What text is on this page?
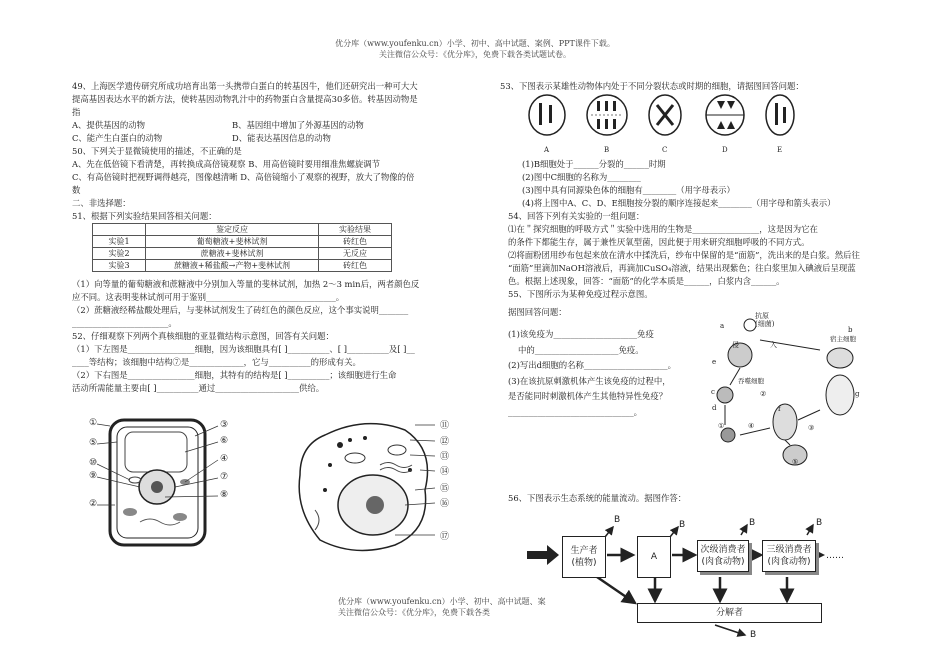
优分库（www.youfenku.cn）小学、初中、高中试题、案例、PPT课件下载。
关注微信公众号：《优分库》，免费下载各类试题试卷。

49、上海医学遗传研究所成功培育出第一头携带白蛋白的转基因牛，他们还研究出一种可大大

提高基因表达水平的新方法，使转基因动物乳汁中的药物蛋白含量提高30多倍。转基因动物是

指

A、提供基因的动物	B、基因组中增加了外源基因的动物

C、能产生白蛋白的动物	D、能表达基因信息的动物

50、下列关于显微镜使用的描述，不正确的是

A、先在低倍镜下看清楚，再转换成高倍镜观察 B、用高倍镜时要用细准焦螺旋调节

C、有高倍镜时把视野调得越亮，图像越清晰 D、高倍镜缩小了观察的视野，放大了物像的倍

数

二、非选择题：

51、根据下列实验结果回答相关问题：

	鉴定反应	实验结果
实验1	葡萄糖液+斐林试剂	砖红色
实验2	蔗糖液+斐林试剂	无反应
实验3	蔗糖液+稀盐酸→产物+斐林试剂	砖红色

（1）向等量的葡萄糖液和蔗糖液中分别加入等量的斐林试剂，加热 2～3 min后，两者颜色反

应不同。这表明斐林试剂可用于鉴别_______________________________。

（2）蔗糖液经稀盐酸处理后，与斐林试剂发生了砖红色的颜色反应，这个事实说明_______

_______________________。

52、仔细观察下列两个真核细胞的亚显微结构示意图，回答有关问题：

（1）下左图是________________细胞，因为该细胞具有[ ]__________、[ ]__________及[ ]__

____等结构；该细胞中结构⑦是_____________，它与__________的形成有关。

（2）下右图是________________细胞，其特有的结构是[ ]__________；该细胞进行生命

活动所需能量主要由[ ]__________通过____________________供给。

①
⑤
⑩
⑨
②
③
⑥
④
⑦
⑧
⑪
⑫
⑬
⑭
⑮
⑯
⑰

53、下图表示某雄性动物体内处于不同分裂状态或时期的细胞，请据图回答问题：

A	B	C	D	E

(1)B细胞处于______分裂的______时期

(2)图中C细胞的名称为________

(3)图中具有同源染色体的细胞有________（用字母表示）

(4)将上图中A、C、D、E细胞按分裂的顺序连接起来________（用字母和箭头表示）

54、回答下列有关实验的一组问题：

⑴在＂探究细胞的呼吸方式＂实验中选用的生物是________________，这是因为它在

的条件下都能生存，属于兼性厌氧型菌，因此便于用来研究细胞呼吸的不同方式。

⑵将面粉团用纱布包起来放在清水中揉洗后，纱布中保留的是“面筋”，洗出来的是白浆。然后往

“面筋”里滴加NaOH溶液后，再滴加CuSO₄溶液，结果出现紫色；往白浆里加入碘液后呈现蓝

色。根据上述现象，回答：“面筋”的化学本质是______，白浆内含______。

55、下图所示为某种免疫过程示意图。

据图回答问题：

(1)该免疫为____________________免疫

中的____________________免疫。

(2)写出d细胞的名称____________________。

(3)在该抗原刺激机体产生该免疫的过程中，

是否能同时刺激机体产生其他特异性免疫？

______________________________。

抗原
(细菌)
宿主细胞
侵	入
b
a
吞噬细胞
c
d
e
f
g
④
⑤
③
①
②

56、下图表示生态系统的能量流动。据图作答：

生产者
(植物)
A
次级消费者
(肉食动物)
三级消费者
(肉食动物)
……
分解者
B	B	B	B
B
优分库（www.youfenku.cn）小学、初中、高中试题、案
关注微信公众号：《优分库》，免费下载各类
